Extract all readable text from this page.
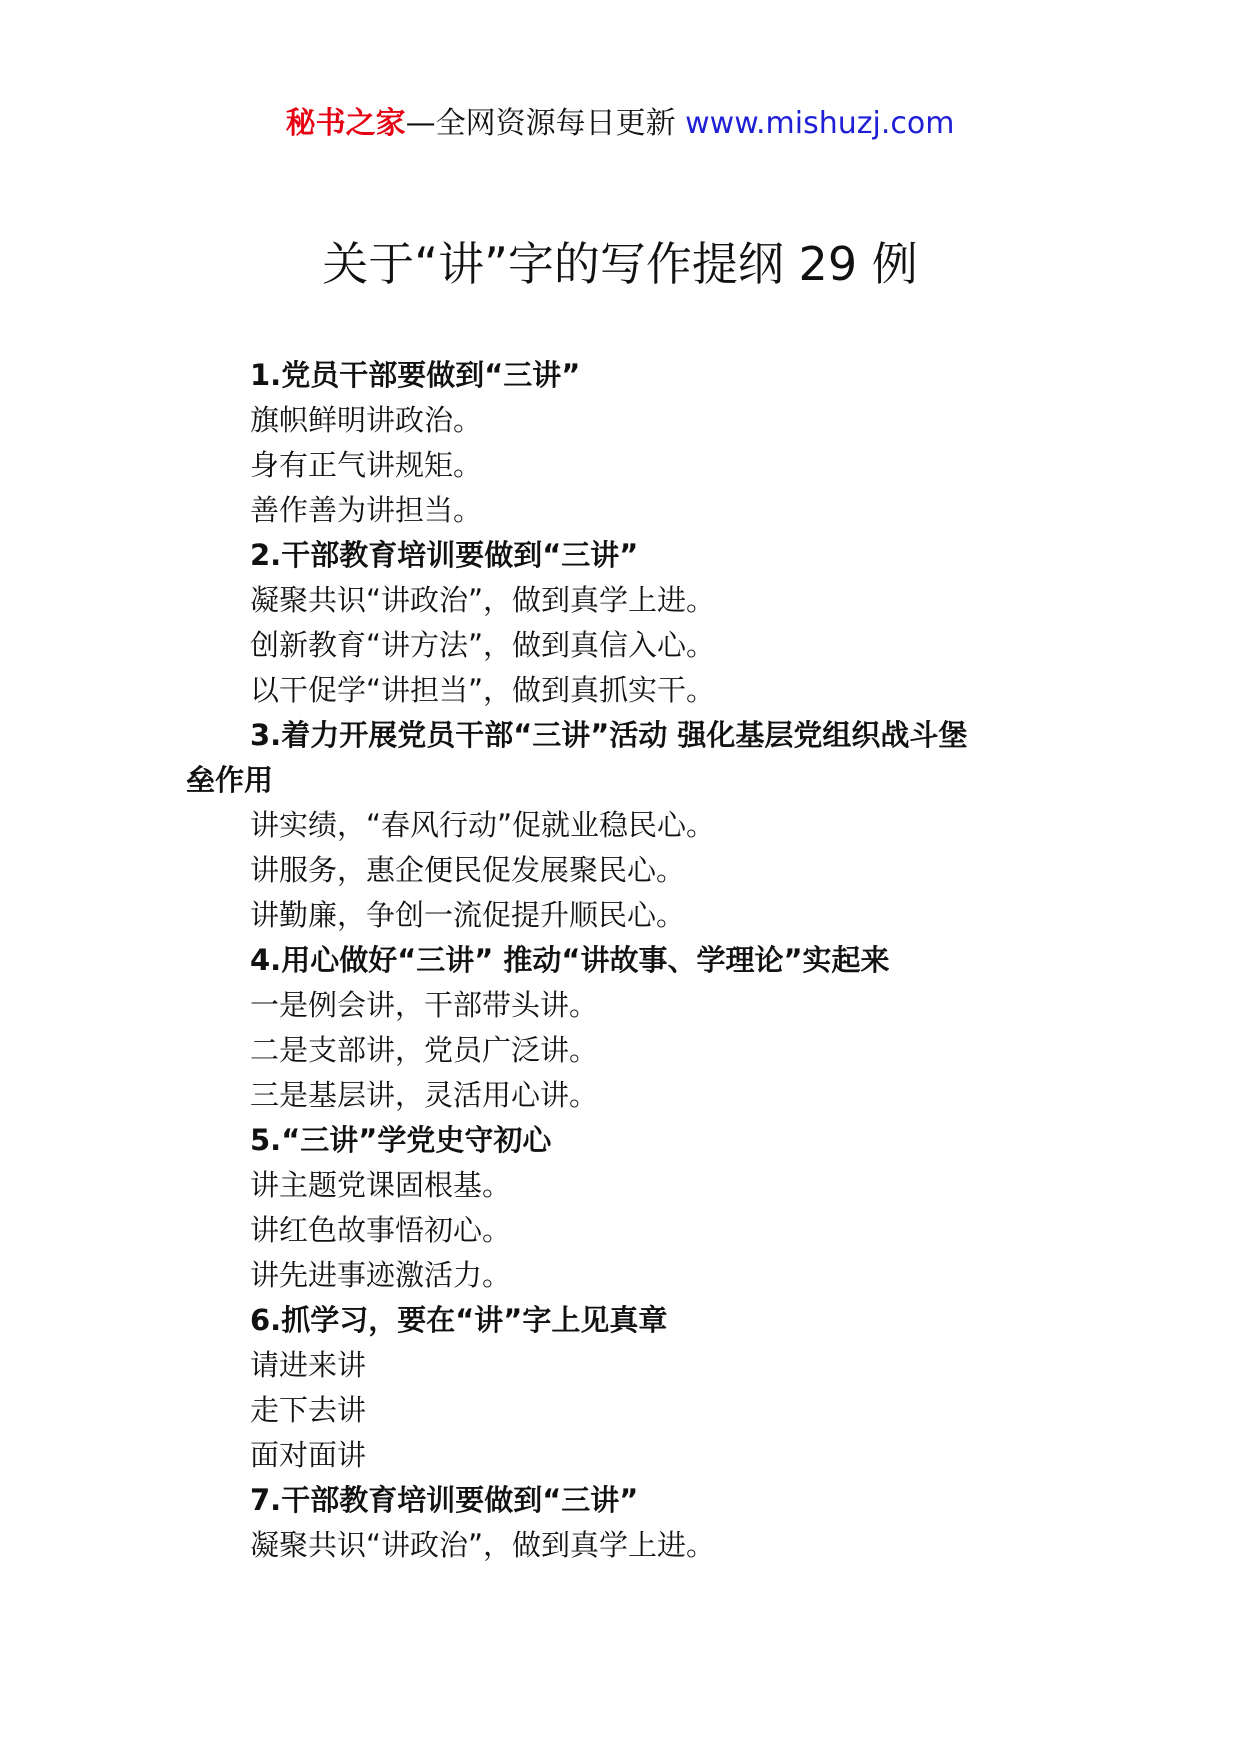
秘书之家—全网资源每日更新 www.mishuzj.com
关于“讲”字的写作提纲 29 例

1.党员干部要做到“三讲”

旗帜鲜明讲政治。

身有正气讲规矩。

善作善为讲担当。

2.干部教育培训要做到“三讲”

凝聚共识“讲政治”，做到真学上进。

创新教育“讲方法”，做到真信入心。

以干促学“讲担当”，做到真抓实干。

3.着力开展党员干部“三讲”活动 强化基层党组织战斗堡

垒作用

讲实绩，“春风行动”促就业稳民心。

讲服务，惠企便民促发展聚民心。

讲勤廉，争创一流促提升顺民心。

4.用心做好“三讲” 推动“讲故事、学理论”实起来

一是例会讲，干部带头讲。

二是支部讲，党员广泛讲。

三是基层讲，灵活用心讲。

5.“三讲”学党史守初心

讲主题党课固根基。

讲红色故事悟初心。

讲先进事迹激活力。

6.抓学习，要在“讲”字上见真章

请进来讲

走下去讲

面对面讲

7.干部教育培训要做到“三讲”

凝聚共识“讲政治”，做到真学上进。
